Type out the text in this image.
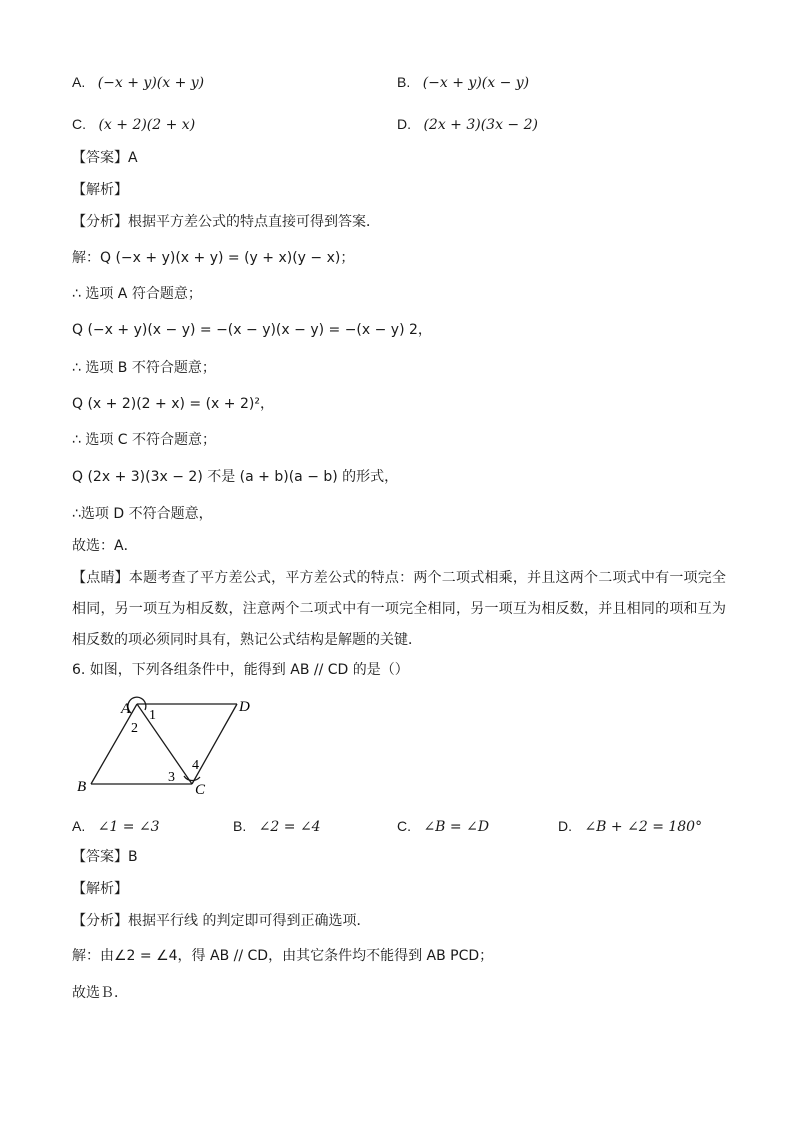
A. (−x + y)(x + y)	B. (−x + y)(x − y)
C. (x + 2)(2 + x)	D. (2x + 3)(3x − 2)
【答案】A
【解析】
【分析】根据平方差公式的特点直接可得到答案．
解：Q (−x + y)(x + y) = (y + x)(y − x)；
∴ 选项 A 符合题意；
Q (−x + y)(x − y) = −(x − y)(x − y) = −(x − y) 2，
∴ 选项 B 不符合题意；
Q (x + 2)(2 + x) = (x + 2)²，
∴ 选项 C 不符合题意；
Q (2x + 3)(3x − 2) 不是 (a + b)(a − b) 的形式，
∴选项 D 不符合题意，
故选：A．
【点睛】本题考查了平方差公式，平方差公式的特点：两个二项式相乘，并且这两个二项式中有一项完全相同，另一项互为相反数，注意两个二项式中有一项完全相同，另一项互为相反数，并且相同的项和互为相反数的项必须同时具有，熟记公式结构是解题的关键．
6. 如图，下列各组条件中，能得到 AB // CD 的是（）
A	D
B	C
1
2
3
4
A. ∠1 = ∠3	B. ∠2 = ∠4	C. ∠B = ∠D	D. ∠B + ∠2 = 180°
【答案】B
【解析】
【分析】根据平行线 的判定即可得到正确选项．
解：由∠2 = ∠4，得 AB // CD，由其它条件均不能得到 AB PCD；
故选Ｂ．
